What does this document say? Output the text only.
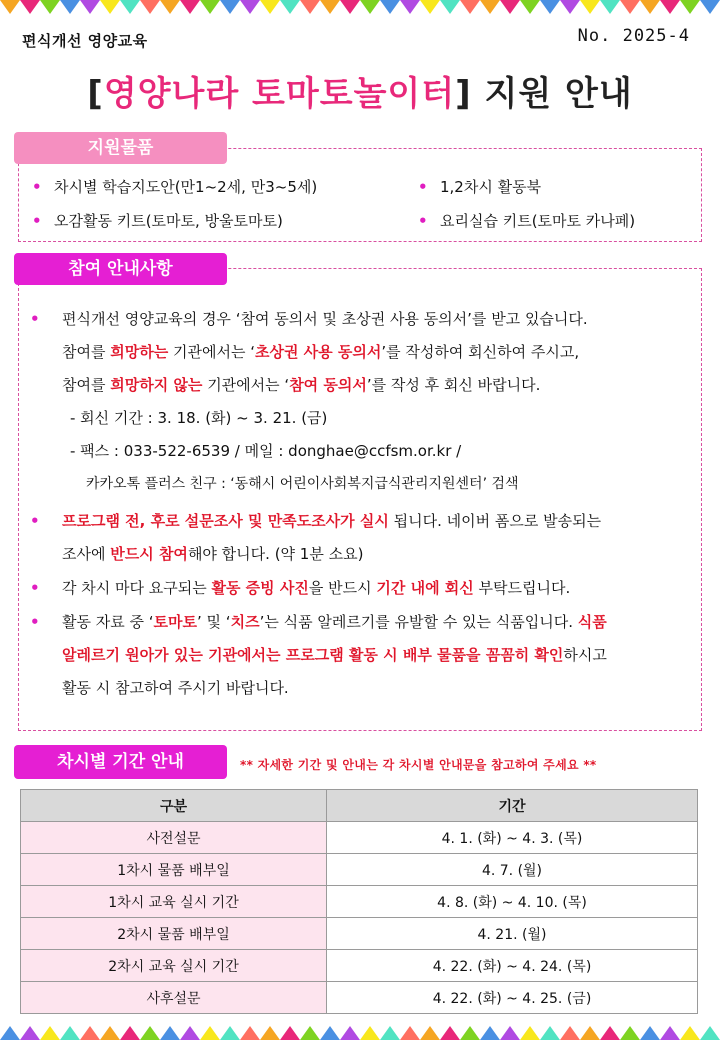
편식개선 영양교육	No. 2025-4
[영양나라 토마토놀이터] 지원 안내
지원물품
• 차시별 학습지도안(만1~2세, 만3~5세)	• 1,2차시 활동북
• 오감활동 키트(토마토, 방울토마토)	• 요리실습 키트(토마토 카나페)
참여 안내사항
•	편식개선 영양교육의 경우 ‘참여 동의서 및 초상권 사용 동의서’를 받고 있습니다.
참여를 희망하는 기관에서는 ‘초상권 사용 동의서’를 작성하여 회신하여 주시고,
참여를 희망하지 않는 기관에서는 ‘참여 동의서’를 작성 후 회신 바랍니다.
- 회신 기간 : 3. 18. (화) ~ 3. 21. (금)
- 팩스 : 033-522-6539 / 메일 : donghae@ccfsm.or.kr /
카카오톡 플러스 친구 : ‘동해시 어린이사회복지급식관리지원센터’ 검색
•	프로그램 전, 후로 설문조사 및 만족도조사가 실시 됩니다. 네이버 폼으로 발송되는
조사에 반드시 참여해야 합니다. (약 1분 소요)
•	각 차시 마다 요구되는 활동 증빙 사진을 반드시 기간 내에 회신 부탁드립니다.
•	활동 자료 중 ‘토마토’ 및 ‘치즈’는 식품 알레르기를 유발할 수 있는 식품입니다. 식품
알레르기 원아가 있는 기관에서는 프로그램 활동 시 배부 물품을 꼼꼼히 확인하시고
활동 시 참고하여 주시기 바랍니다.
차시별 기간 안내	** 자세한 기간 및 안내는 각 차시별 안내문을 참고하여 주세요 **
구분	기간
사전설문	4. 1. (화) ~ 4. 3. (목)
1차시 물품 배부일	4. 7. (월)
1차시 교육 실시 기간	4. 8. (화) ~ 4. 10. (목)
2차시 물품 배부일	4. 21. (월)
2차시 교육 실시 기간	4. 22. (화) ~ 4. 24. (목)
사후설문	4. 22. (화) ~ 4. 25. (금)
